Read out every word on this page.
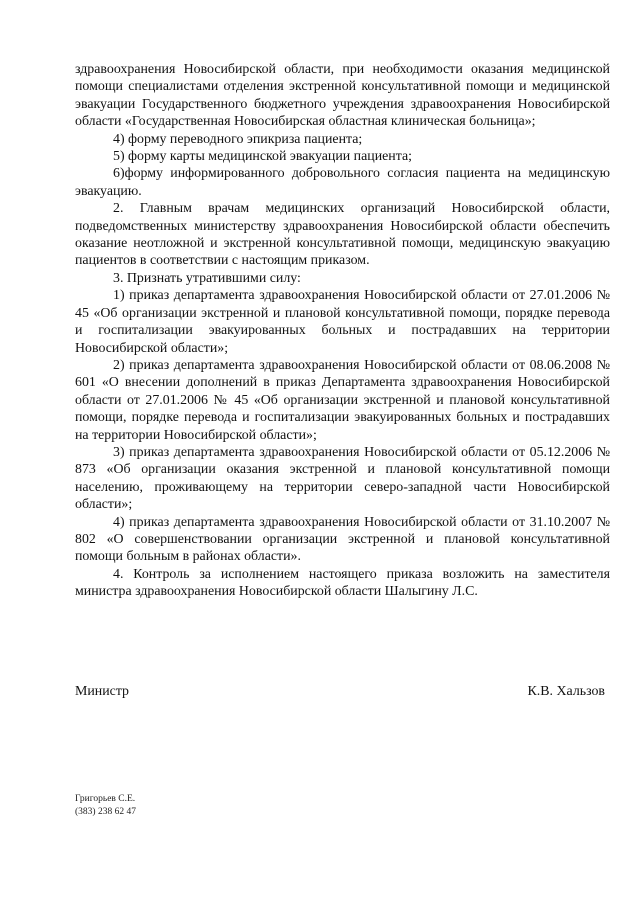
здравоохранения Новосибирской области, при необходимости оказания медицинской помощи специалистами отделения экстренной консультативной помощи и медицинской эвакуации Государственного бюджетного учреждения здравоохранения Новосибирской области «Государственная Новосибирская областная клиническая больница»;

4) форму переводного эпикриза пациента;

5) форму карты медицинской эвакуации пациента;

6)форму информированного добровольного согласия пациента на медицинскую эвакуацию.

2. Главным врачам медицинских организаций Новосибирской области, подведомственных министерству здравоохранения Новосибирской области обеспечить оказание неотложной и экстренной консультативной помощи, медицинскую эвакуацию пациентов в соответствии с настоящим приказом.

3. Признать утратившими силу:

1) приказ департамента здравоохранения Новосибирской области от 27.01.2006 № 45 «Об организации экстренной и плановой консультативной помощи, порядке перевода и госпитализации эвакуированных больных и пострадавших на территории Новосибирской области»;

2) приказ департамента здравоохранения Новосибирской области от 08.06.2008 № 601 «О внесении дополнений в приказ Департамента здравоохранения Новосибирской области от 27.01.2006 № 45 «Об организации экстренной и плановой консультативной помощи, порядке перевода и госпитализации эвакуированных больных и пострадавших на территории Новосибирской области»;

3) приказ департамента здравоохранения Новосибирской области от 05.12.2006 № 873 «Об организации оказания экстренной и плановой консультативной помощи населению, проживающему на территории северо-западной части Новосибирской области»;

4) приказ департамента здравоохранения Новосибирской области от 31.10.2007 № 802 «О совершенствовании организации экстренной и плановой консультативной помощи больным в районах области».

4. Контроль за исполнением настоящего приказа возложить на заместителя министра здравоохранения Новосибирской области Шалыгину Л.С.

Министр	К.В. Хальзов
Григорьев С.Е.
(383) 238 62 47
